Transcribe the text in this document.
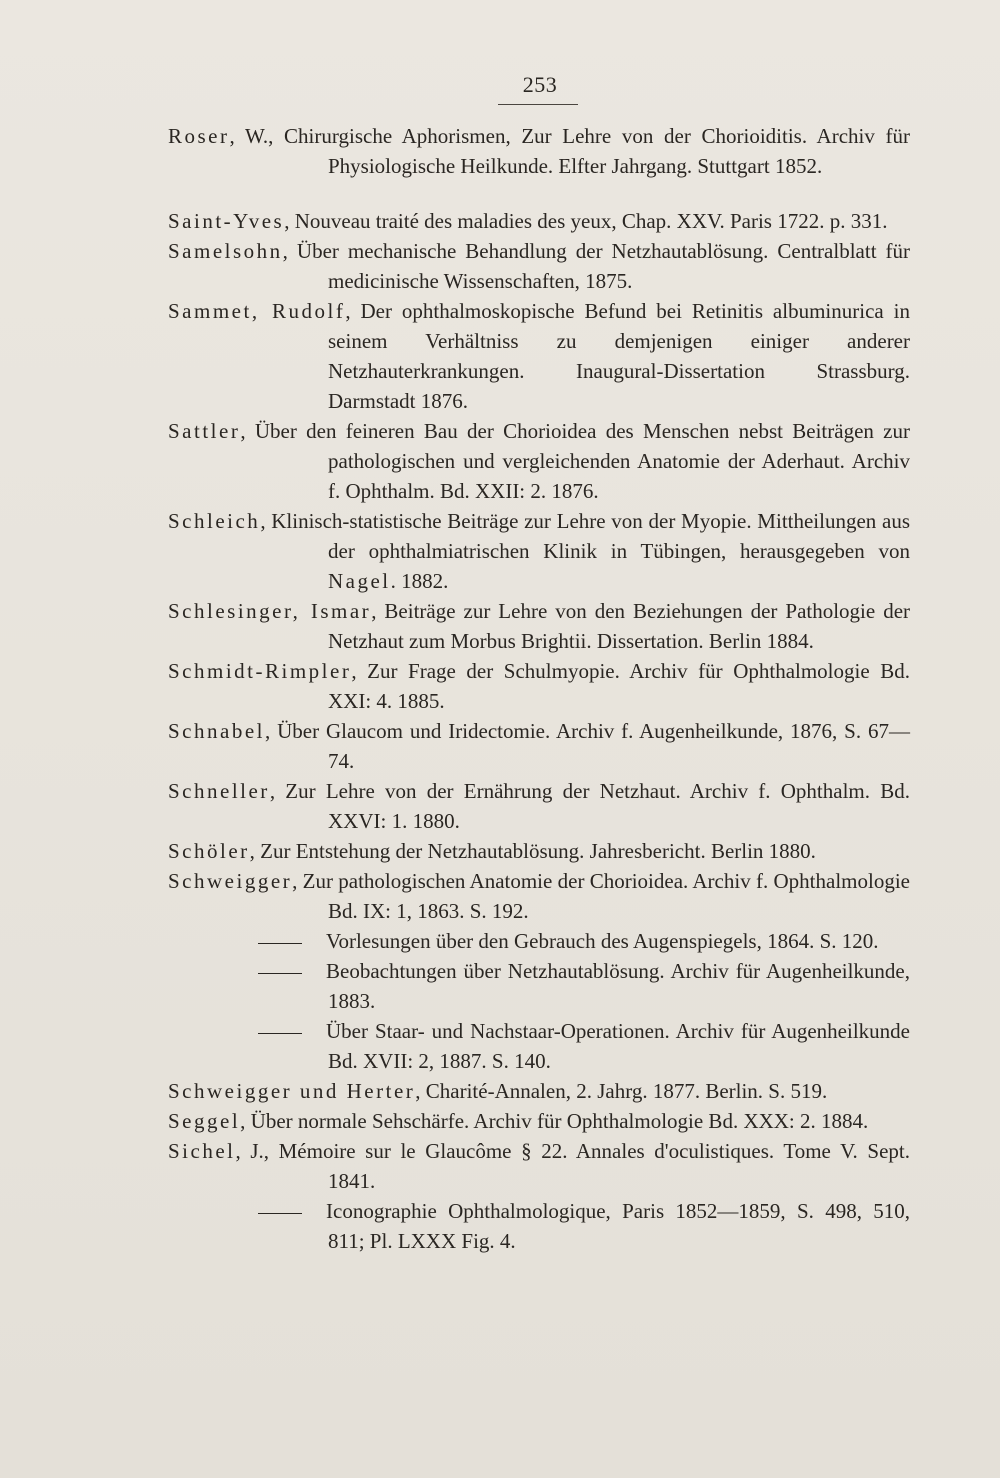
253

Roser, W., Chirurgische Aphorismen, Zur Lehre von der Chorioiditis. Archiv für Physiologische Heilkunde. Elfter Jahrgang. Stuttgart 1852.

Saint-Yves, Nouveau traité des maladies des yeux, Chap. XXV. Paris 1722. p. 331.

Samelsohn, Über mechanische Behandlung der Netzhautablösung. Centralblatt für medicinische Wissenschaften, 1875.

Sammet, Rudolf, Der ophthalmoskopische Befund bei Retinitis albuminurica in seinem Verhältniss zu demjenigen einiger anderer Netzhauterkrankungen. Inaugural-Dissertation Strassburg. Darmstadt 1876.

Sattler, Über den feineren Bau der Chorioidea des Menschen nebst Beiträgen zur pathologischen und vergleichenden Anatomie der Aderhaut. Archiv f. Ophthalm. Bd. XXII: 2. 1876.

Schleich, Klinisch-statistische Beiträge zur Lehre von der Myopie. Mittheilungen aus der ophthalmiatrischen Klinik in Tübingen, herausgegeben von Nagel. 1882.

Schlesinger, Ismar, Beiträge zur Lehre von den Beziehungen der Pathologie der Netzhaut zum Morbus Brightii. Dissertation. Berlin 1884.

Schmidt-Rimpler, Zur Frage der Schulmyopie. Archiv für Ophthalmologie Bd. XXI: 4. 1885.

Schnabel, Über Glaucom und Iridectomie. Archiv f. Augenheilkunde, 1876, S. 67—74.

Schneller, Zur Lehre von der Ernährung der Netzhaut. Archiv f. Ophthalm. Bd. XXVI: 1. 1880.

Schöler, Zur Entstehung der Netzhautablösung. Jahresbericht. Berlin 1880.

Schweigger, Zur pathologischen Anatomie der Chorioidea. Archiv f. Ophthalmologie Bd. IX: 1, 1863. S. 192.

Vorlesungen über den Gebrauch des Augenspiegels, 1864. S. 120.

Beobachtungen über Netzhautablösung. Archiv für Augenheilkunde, 1883.

Über Staar- und Nachstaar-Operationen. Archiv für Augenheilkunde Bd. XVII: 2, 1887. S. 140.

Schweigger und Herter, Charité-Annalen, 2. Jahrg. 1877. Berlin. S. 519.

Seggel, Über normale Sehschärfe. Archiv für Ophthalmologie Bd. XXX: 2. 1884.

Sichel, J., Mémoire sur le Glaucôme § 22. Annales d'oculistiques. Tome V. Sept. 1841.

Iconographie Ophthalmologique, Paris 1852—1859, S. 498, 510, 811; Pl. LXXX Fig. 4.
